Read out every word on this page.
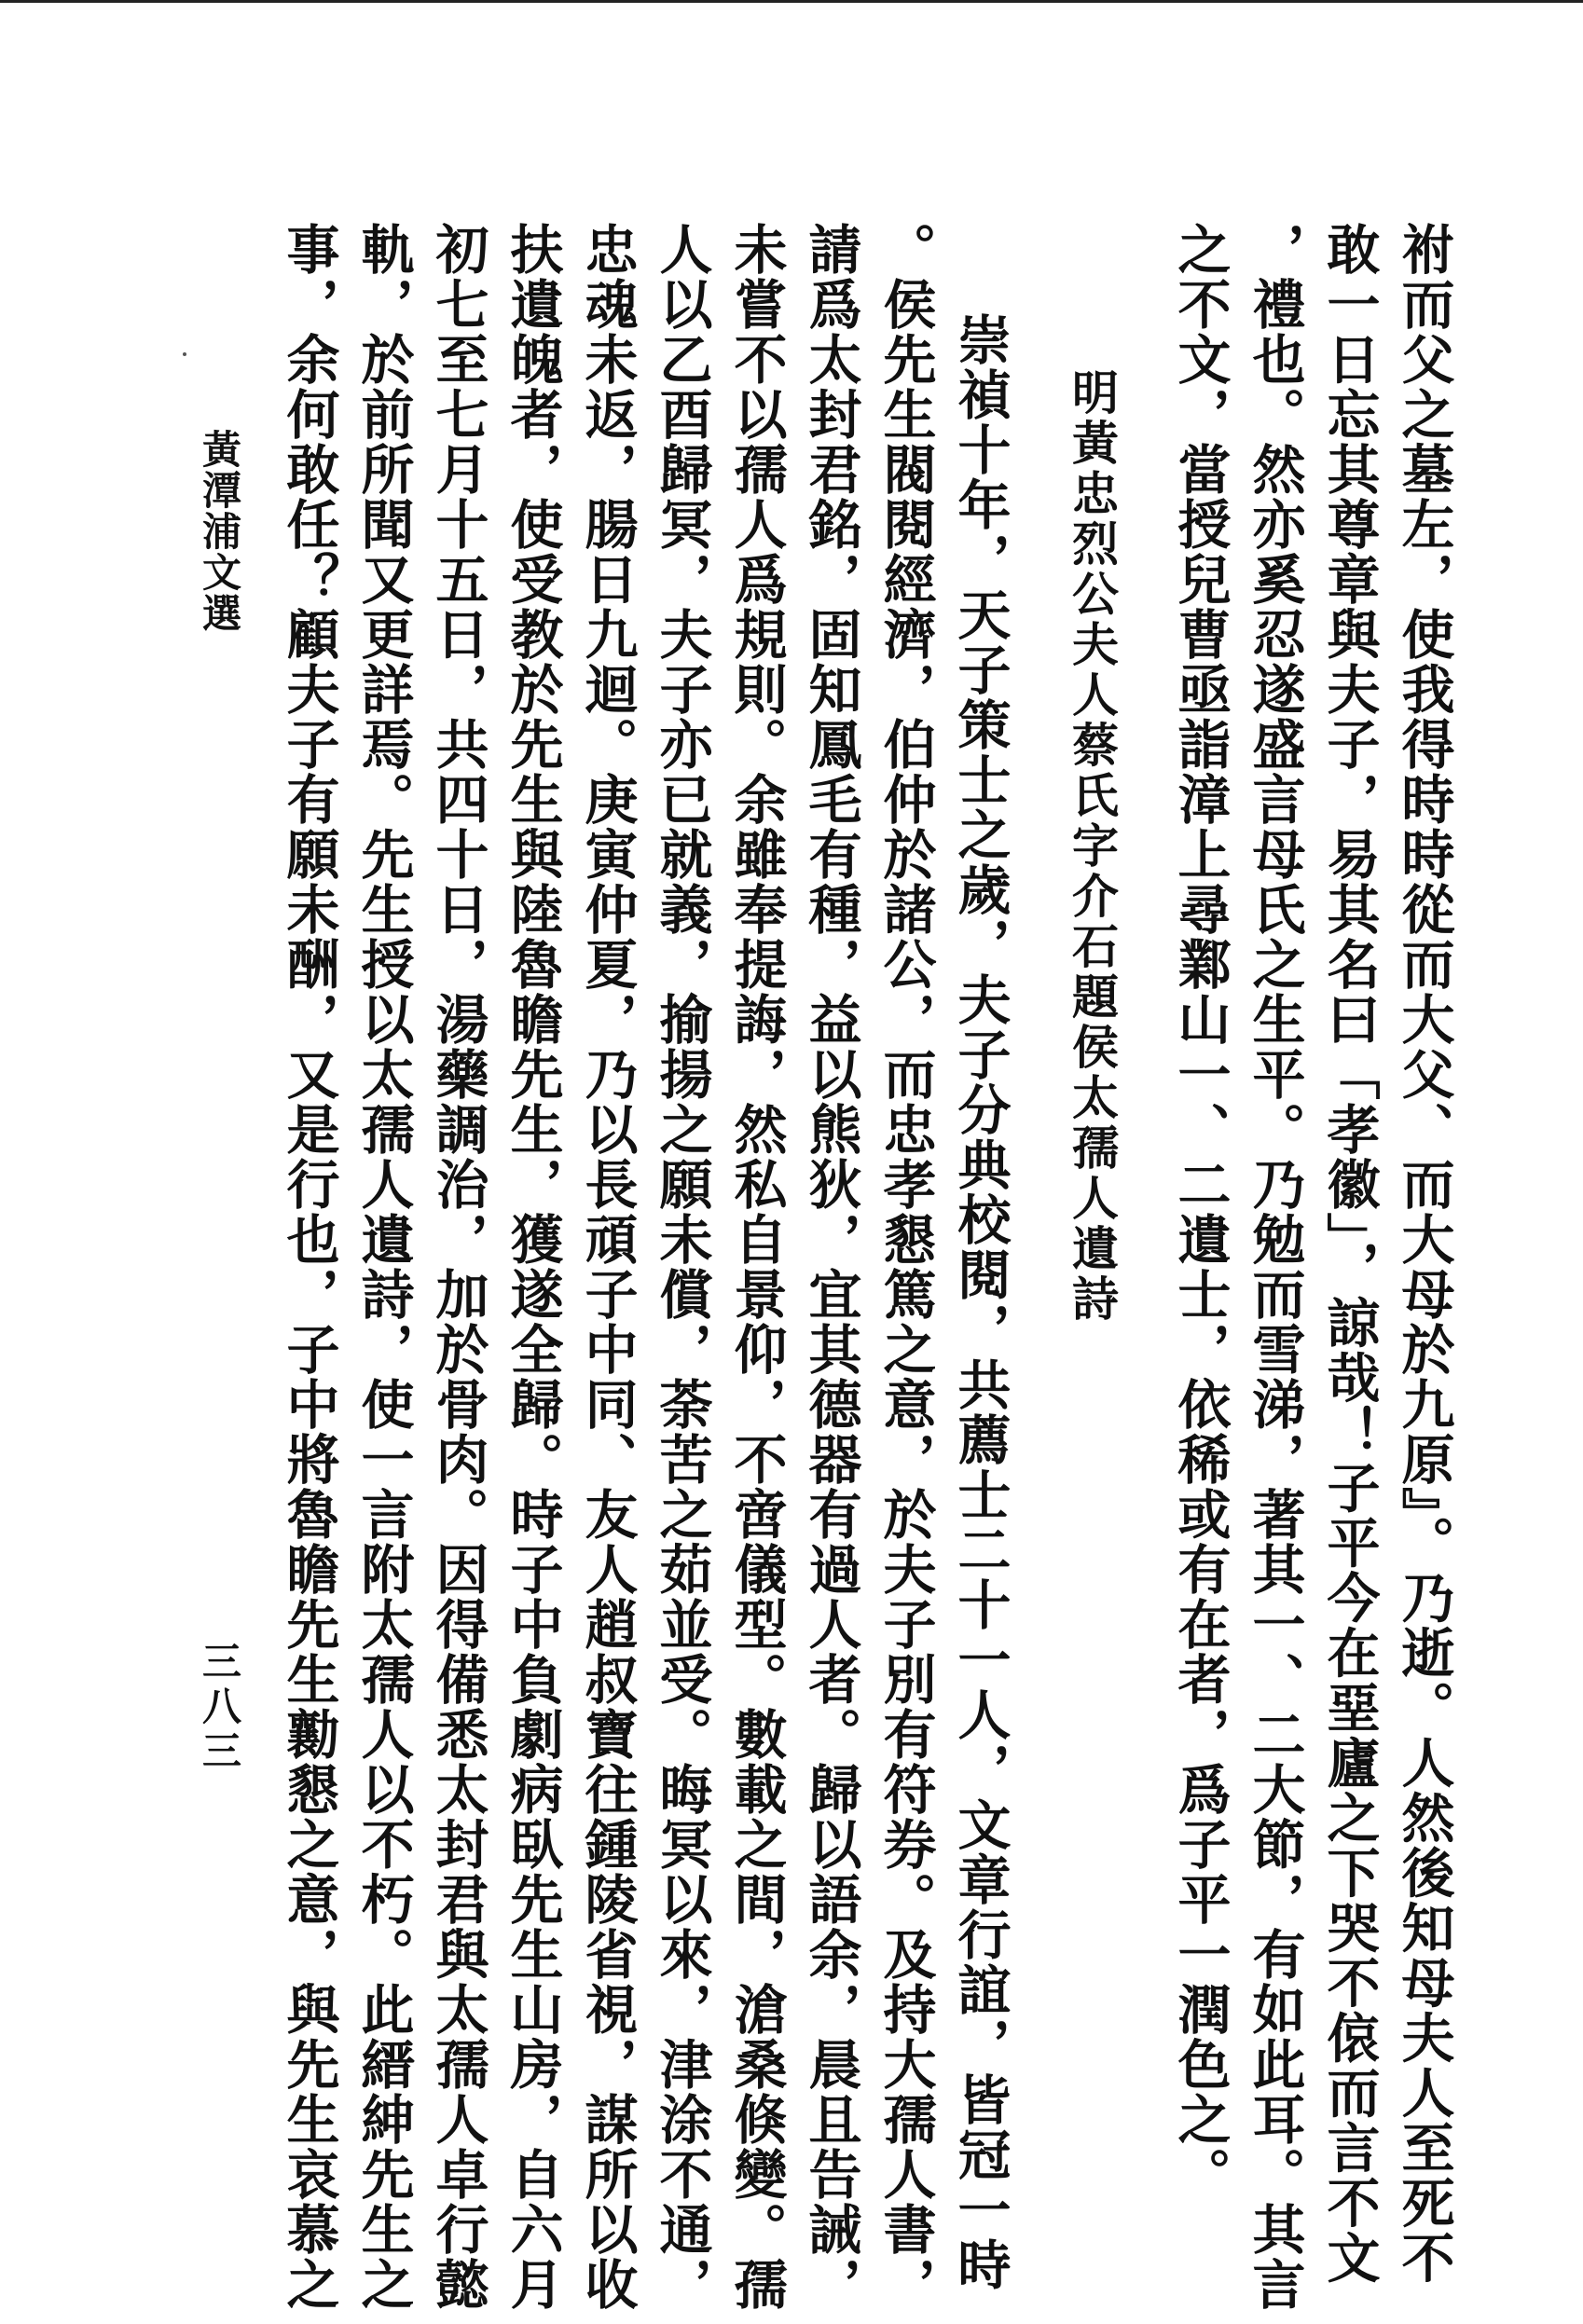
祔而父之墓左，使我得時時從而大父、而大母於九原』。乃逝。人然後知母夫人至死不
敢一日忘其尊章與夫子，易其名曰「孝徽」，諒哉！子平今在堊廬之下哭不偯而言不文
，禮也。然亦奚忍遂盛言母氏之生平。乃勉而雪涕，著其一、二大節，有如此耳。其言
之不文，當授兒曹亟詣漳上尋鄴山一、二遺士，依稀或有在者，爲子平一潤色之。
明黃忠烈公夫人蔡氏字介石題侯太孺人遺詩
崇禎十年，天子策士之歲，夫子分典校閱，共薦士二十一人，文章行誼，皆冠一時
。侯先生閥閱經濟，伯仲於諸公，而忠孝懇篤之意，於夫子別有符券。及持大孺人書，
請爲太封君銘，固知鳳毛有種，益以熊狄，宜其德器有過人者。歸以語余，晨且告誡，
未嘗不以孺人爲規則。余雖奉提誨，然私自景仰，不啻儀型。數載之間，滄桑倏變。孺
人以乙酉歸冥，夫子亦已就義，揄揚之願未償，荼苦之茹並受。晦冥以來，津涂不通，
忠魂未返，腸日九迴。庚寅仲夏，乃以長頑子中同、友人趙叔寶往鍾陵省視，謀所以收
扶遺魄者，使受教於先生與陸魯瞻先生，獲遂全歸。時子中負劇病臥先生山房，自六月
初七至七月十五日，共四十日，湯藥調治，加於骨肉。因得備悉太封君與太孺人卓行懿
軌，於前所聞又更詳焉。先生授以太孺人遺詩，使一言附太孺人以不朽。此縉紳先生之
事，余何敢任？顧夫子有願未酬，又是行也，子中將魯瞻先生勷懇之意，與先生哀慕之
黃潭浦文選
三八三
